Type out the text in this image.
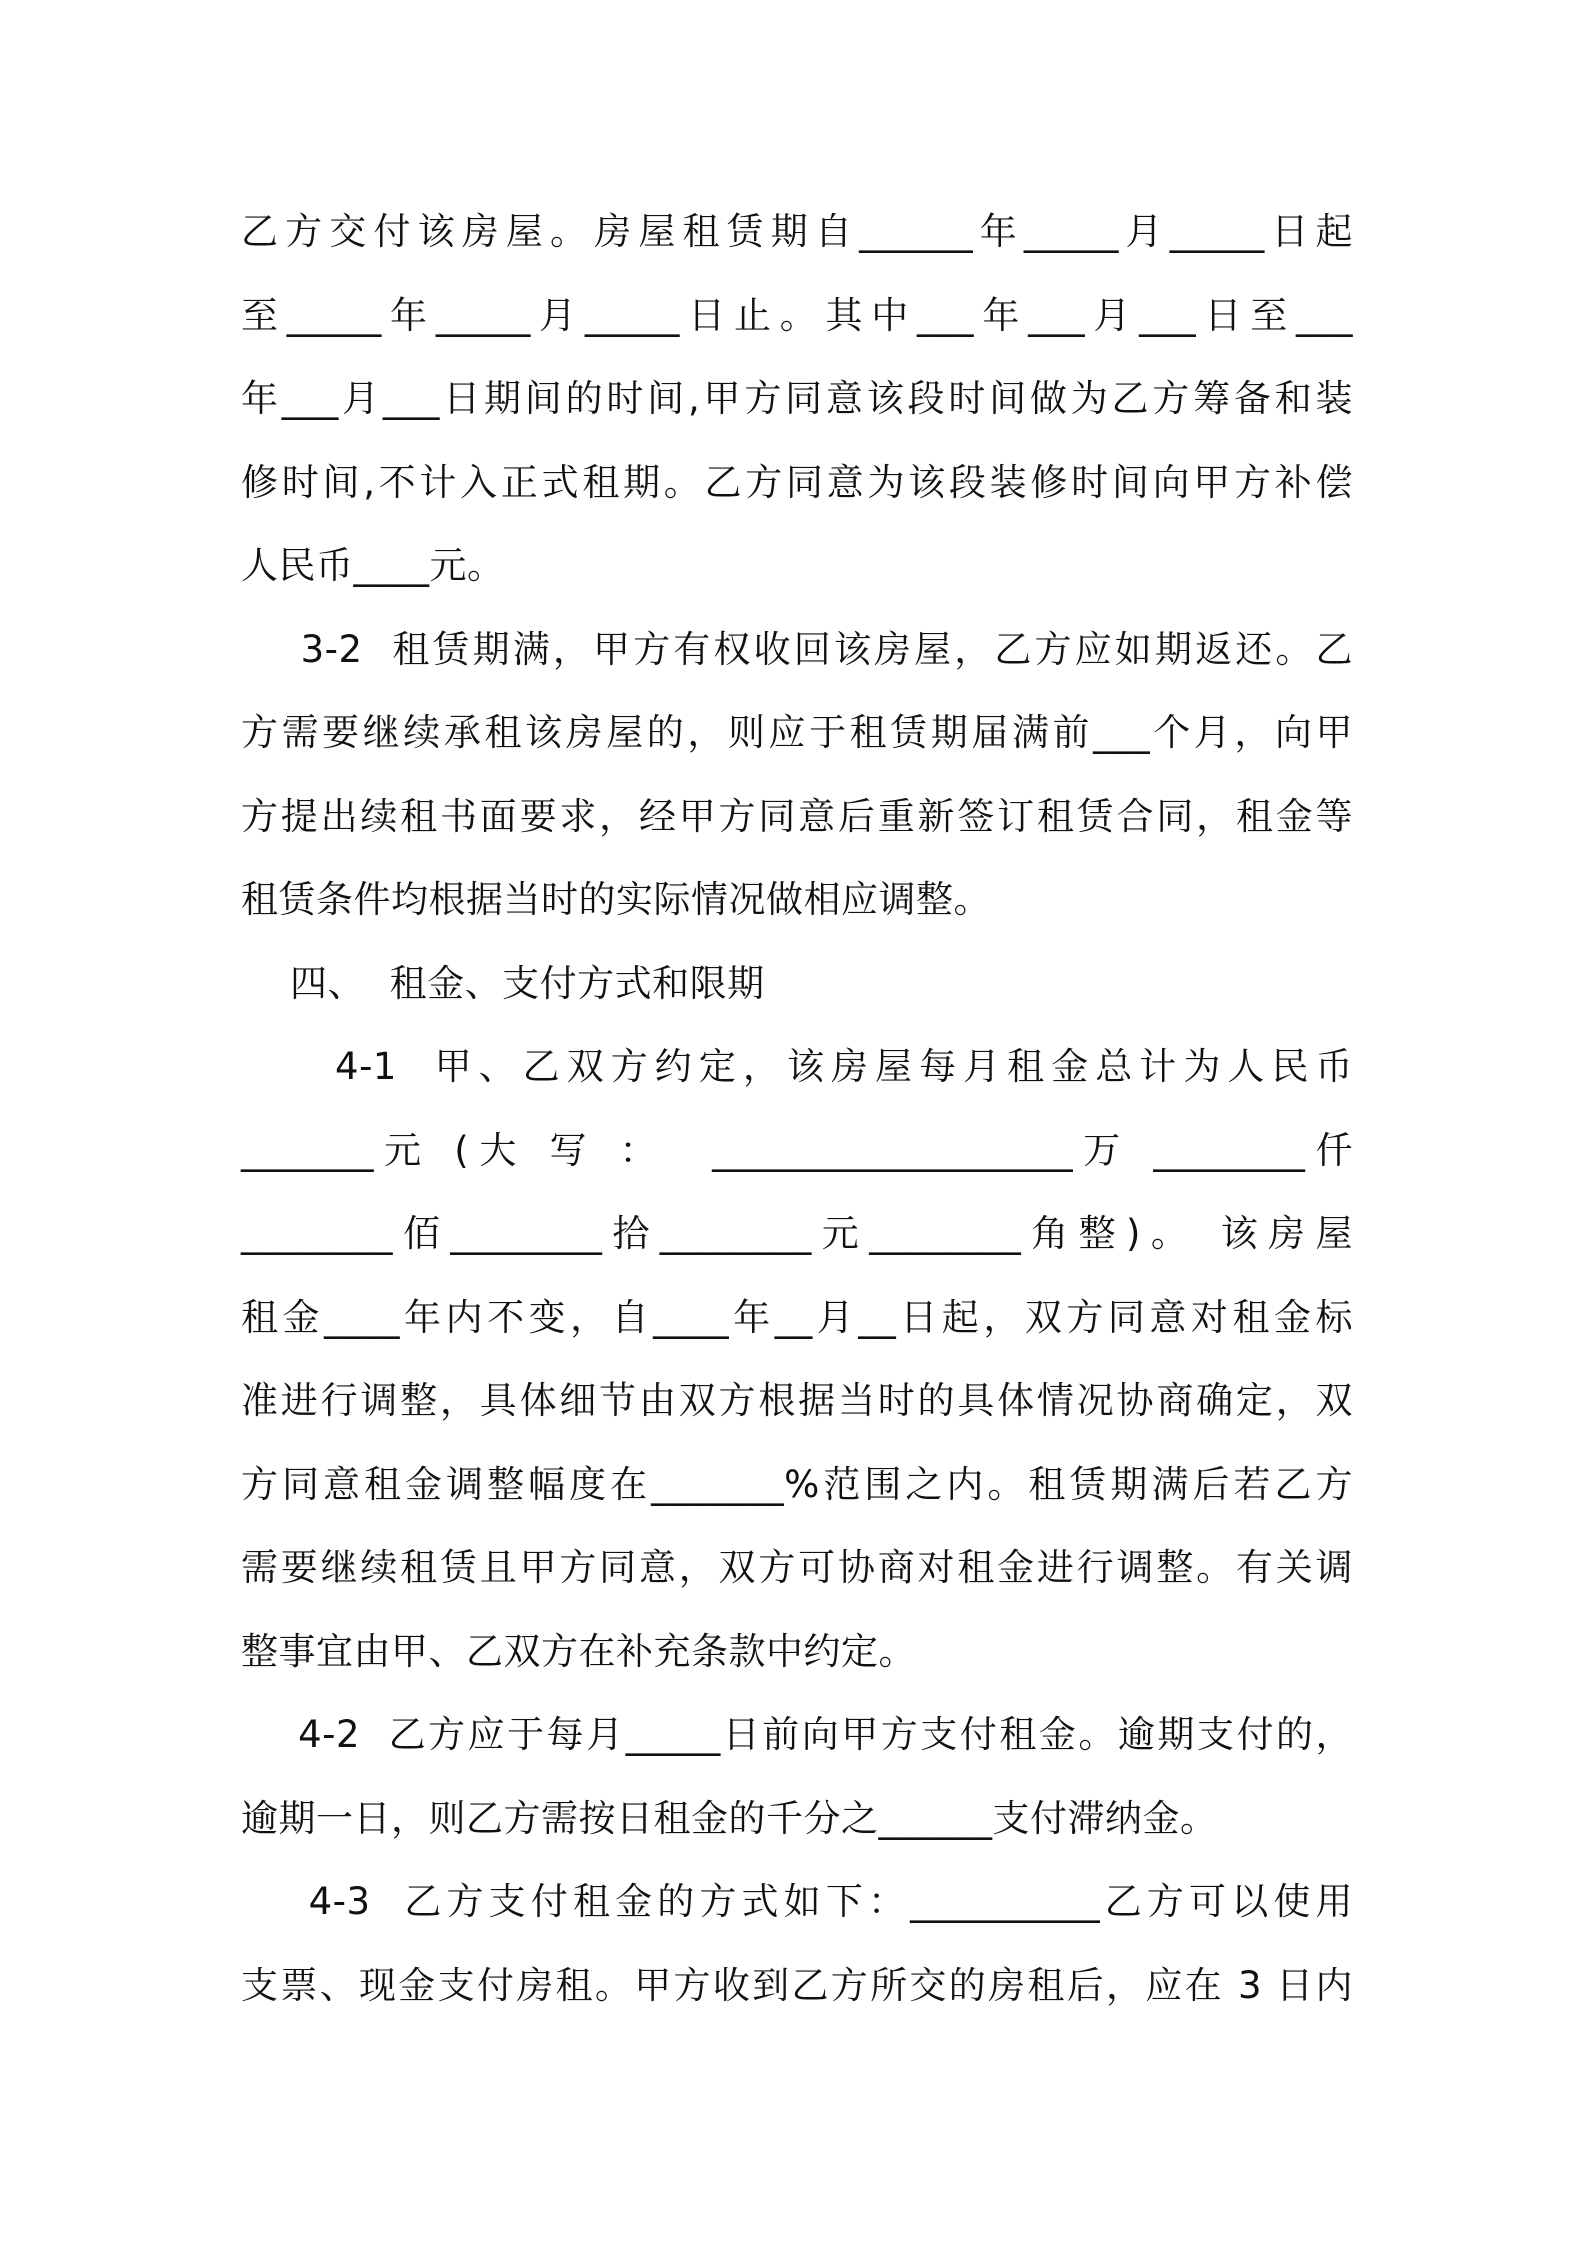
乙方交付该房屋。房屋租赁期自______年_____月_____日起
至_____年_____月_____日止。其中___年___月___日至___
年___月___日期间的时间,甲方同意该段时间做为乙方筹备和装
修时间,不计入正式租期。乙方同意为该段装修时间向甲方补偿
人民币____元。
3-2  租赁期满，甲方有权收回该房屋，乙方应如期返还。乙
方需要继续承租该房屋的，则应于租赁期届满前___个月，向甲
方提出续租书面要求，经甲方同意后重新签订租赁合同，租金等
租赁条件均根据当时的实际情况做相应调整。
四、  租金、支付方式和限期
4-1  甲、乙双方约定，该房屋每月租金总计为人民币
_______元 (大 写 ：  ___________________万 ________仟
________佰________拾________元________角整)。 该房屋
租金____年内不变，自____年__月__日起，双方同意对租金标
准进行调整，具体细节由双方根据当时的具体情况协商确定，双
方同意租金调整幅度在_______%范围之内。租赁期满后若乙方
需要继续租赁且甲方同意，双方可协商对租金进行调整。有关调
整事宜由甲、乙双方在补充条款中约定。
4-2  乙方应于每月_____日前向甲方支付租金。逾期支付的，
逾期一日，则乙方需按日租金的千分之______支付滞纳金。
4-3  乙方支付租金的方式如下：__________乙方可以使用
支票、现金支付房租。甲方收到乙方所交的房租后，应在 3 日内
